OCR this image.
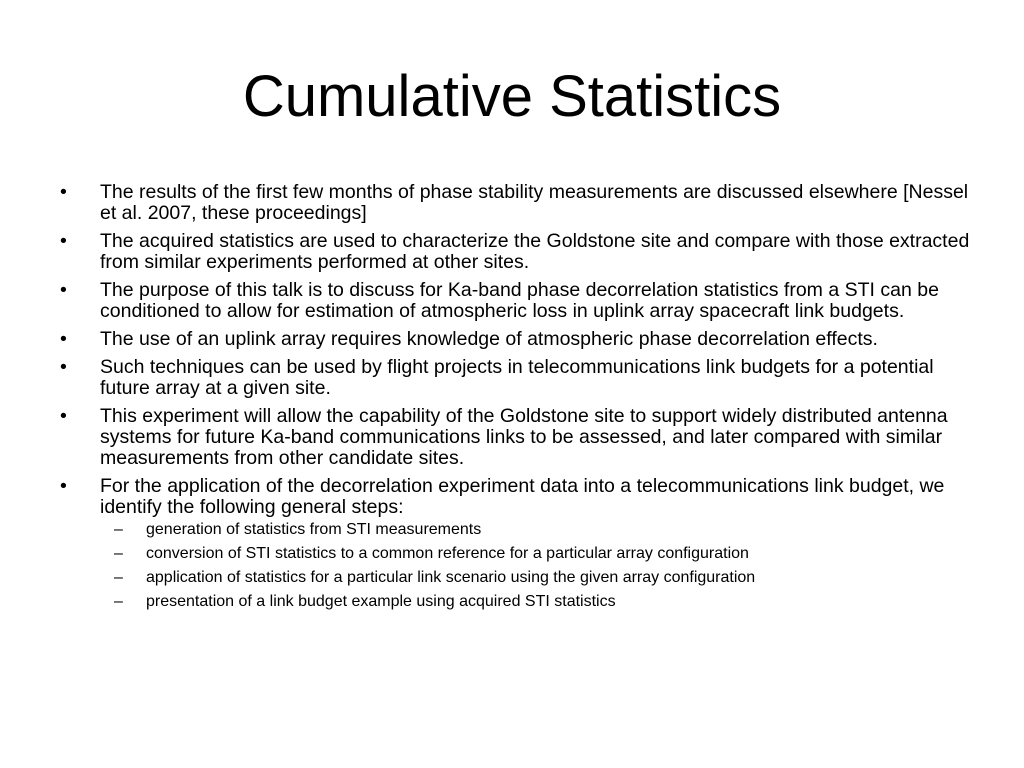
Cumulative Statistics
• The results of the first few months of phase stability measurements are discussed elsewhere [Nessel et al. 2007, these proceedings]
• The acquired statistics are used to characterize the Goldstone site and compare with those extracted from similar experiments performed at other sites.
• The purpose of this talk is to discuss for Ka-band phase decorrelation statistics from a STI can be conditioned to allow for estimation of atmospheric loss in uplink array spacecraft link budgets.
• The use of an uplink array requires knowledge of atmospheric phase decorrelation effects.
• Such techniques can be used by flight projects in telecommunications link budgets for a potential future array at a given site.
• This experiment will allow the capability of the Goldstone site to support widely distributed antenna systems for future Ka-band communications links to be assessed, and later compared with similar measurements from other candidate sites.
• For the application of the decorrelation experiment data into a telecommunications link budget, we identify the following general steps:
– generation of statistics from STI measurements
– conversion of STI statistics to a common reference for a particular array configuration
– application of statistics for a particular link scenario using the given array configuration
– presentation of a link budget example using acquired STI statistics
